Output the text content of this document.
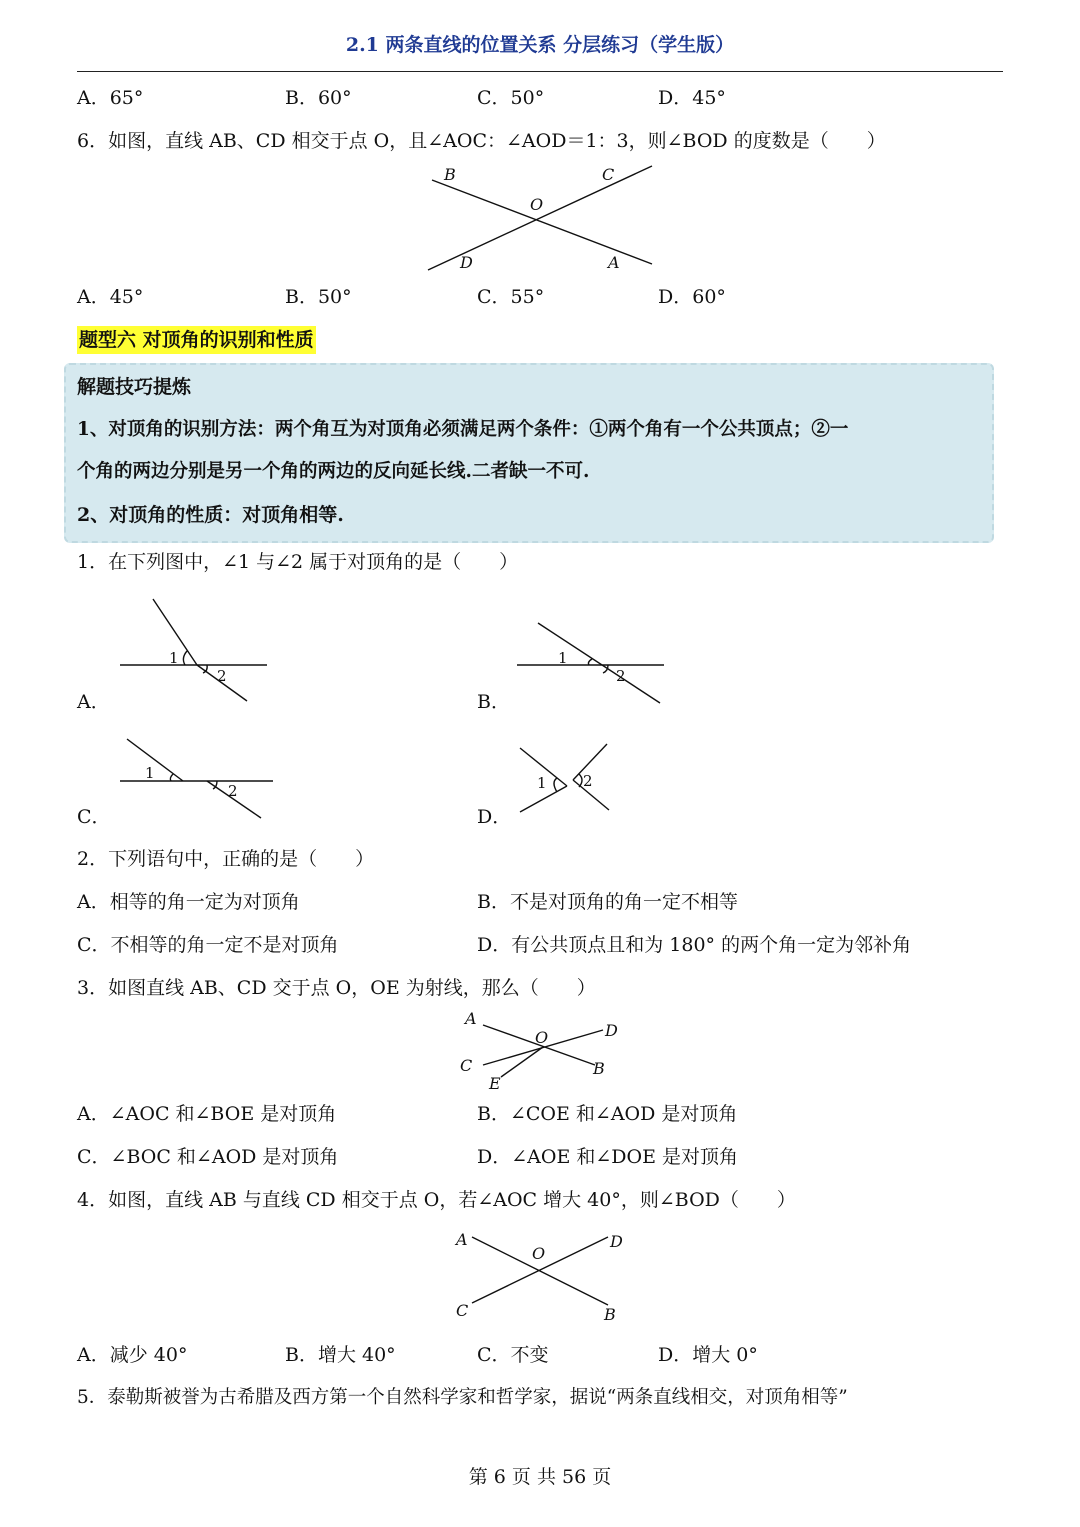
2.1 两条直线的位置关系 分层练习（学生版）
A．65°	B．60°	C．50°	D．45°
6．如图，直线 AB、CD 相交于点 O，且∠AOC：∠AOD＝1：3，则∠BOD 的度数是（　　）
B	C
O
D	A
A．45°	B．50°	C．55°	D．60°
题型六 对顶角的识别和性质
解题技巧提炼
1、对顶角的识别方法：两个角互为对顶角必须满足两个条件：①两个角有一个公共顶点；②一
个角的两边分别是另一个角的两边的反向延长线.二者缺一不可.
2、对顶角的性质：对顶角相等.
1．在下列图中，∠1 与∠2 属于对顶角的是（　　）
A．
1
2
B．
1
2
C．
1
2
D．
1 2
2．下列语句中，正确的是（　　）
A．相等的角一定为对顶角	B．不是对顶角的角一定不相等
C．不相等的角一定不是对顶角	D．有公共顶点且和为 180° 的两个角一定为邻补角
3．如图直线 AB、CD 交于点 O，OE 为射线，那么（　　）
A
O	D
C	B
E
A．∠AOC 和∠BOE 是对顶角	B．∠COE 和∠AOD 是对顶角
C．∠BOC 和∠AOD 是对顶角	D．∠AOE 和∠DOE 是对顶角
4．如图，直线 AB 与直线 CD 相交于点 O，若∠AOC 增大 40°，则∠BOD（　　）
A
O
D
C	B
A．减少 40°	B．增大 40°	C．不变	D．增大 0°
5．泰勒斯被誉为古希腊及西方第一个自然科学家和哲学家，据说“两条直线相交，对顶角相等”
第 6 页 共 56 页
